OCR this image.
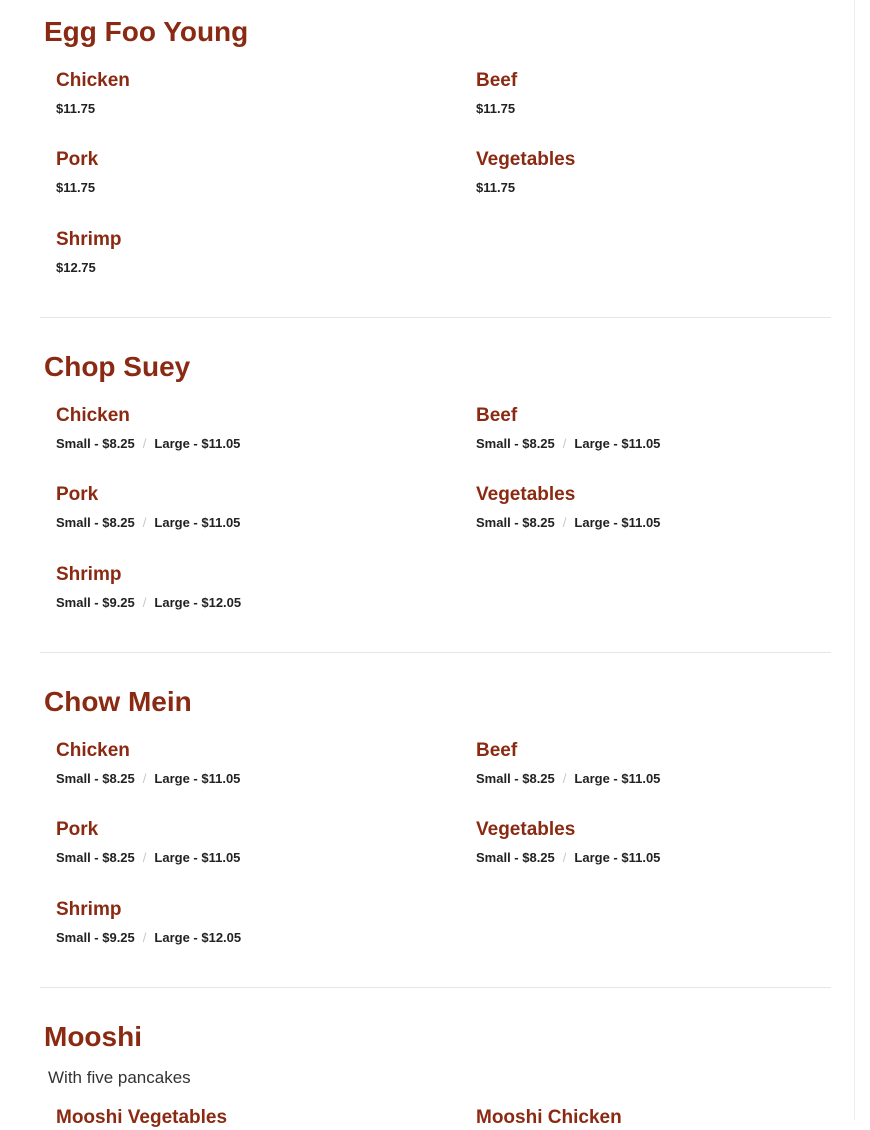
Egg Foo Young
Chicken
$11.75
Beef
$11.75
Pork
$11.75
Vegetables
$11.75
Shrimp
$12.75
Chop Suey
Chicken
Small - $8.25 / Large - $11.05
Beef
Small - $8.25 / Large - $11.05
Pork
Small - $8.25 / Large - $11.05
Vegetables
Small - $8.25 / Large - $11.05
Shrimp
Small - $9.25 / Large - $12.05
Chow Mein
Chicken
Small - $8.25 / Large - $11.05
Beef
Small - $8.25 / Large - $11.05
Pork
Small - $8.25 / Large - $11.05
Vegetables
Small - $8.25 / Large - $11.05
Shrimp
Small - $9.25 / Large - $12.05
Mooshi

With five pancakes

Mooshi Vegetables	Mooshi Chicken
